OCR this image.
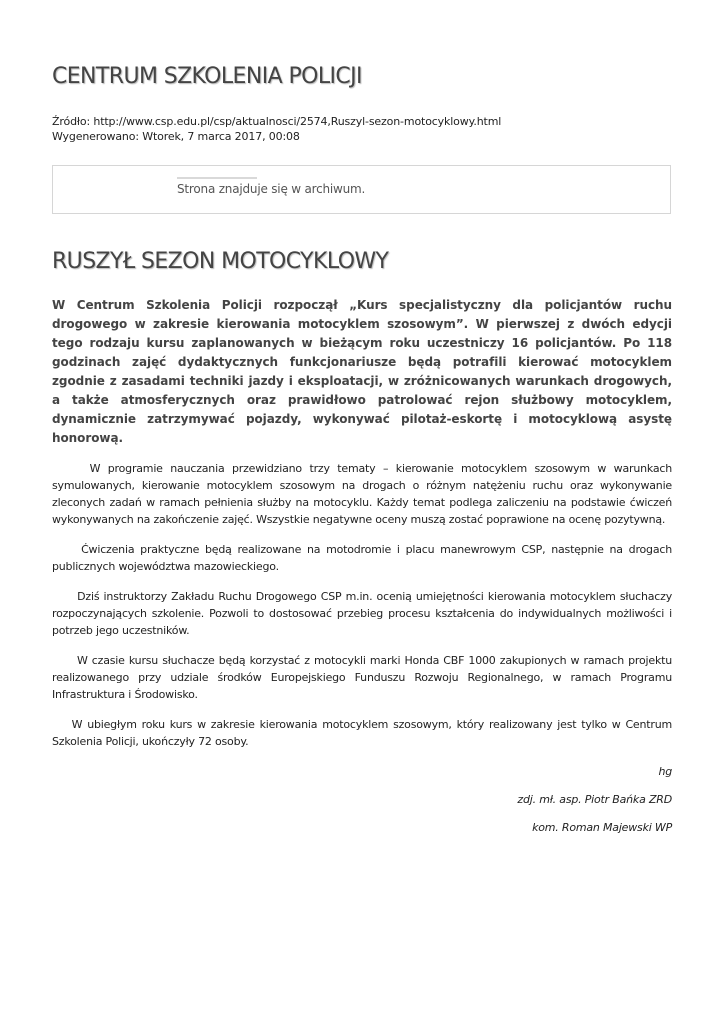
CENTRUM SZKOLENIA POLICJI
Źródło: http://www.csp.edu.pl/csp/aktualnosci/2574,Ruszyl-sezon-motocyklowy.html
Wygenerowano: Wtorek, 7 marca 2017, 00:08
Strona znajduje się w archiwum.
RUSZYŁ SEZON MOTOCYKLOWY

W Centrum Szkolenia Policji rozpoczął „Kurs specjalistyczny dla policjantów ruchu drogowego w zakresie kierowania motocyklem szosowym”. W pierwszej z dwóch edycji tego rodzaju kursu zaplanowanych w bieżącym roku uczestniczy 16 policjantów. Po 118 godzinach zajęć dydaktycznych funkcjonariusze będą potrafili kierować motocyklem zgodnie z zasadami techniki jazdy i eksploatacji, w zróżnicowanych warunkach drogowych, a także atmosferycznych oraz prawidłowo patrolować rejon służbowy motocyklem, dynamicznie zatrzymywać pojazdy, wykonywać pilotaż-eskortę i motocyklową asystę honorową.

W programie nauczania przewidziano trzy tematy – kierowanie motocyklem szosowym w warunkach symulowanych, kierowanie motocyklem szosowym na drogach o różnym natężeniu ruchu oraz wykonywanie zleconych zadań w ramach pełnienia służby na motocyklu. Każdy temat podlega zaliczeniu na podstawie ćwiczeń wykonywanych na zakończenie zajęć. Wszystkie negatywne oceny muszą zostać poprawione na ocenę pozytywną.

Ćwiczenia praktyczne będą realizowane na motodromie i placu manewrowym CSP, następnie na drogach publicznych województwa mazowieckiego.

Dziś instruktorzy Zakładu Ruchu Drogowego CSP m.in. ocenią umiejętności kierowania motocyklem słuchaczy rozpoczynających szkolenie. Pozwoli to dostosować przebieg procesu kształcenia do indywidualnych możliwości i potrzeb jego uczestników.

W czasie kursu słuchacze będą korzystać z motocykli marki Honda CBF 1000 zakupionych w ramach projektu realizowanego przy udziale środków Europejskiego Funduszu Rozwoju Regionalnego, w ramach Programu Infrastruktura i Środowisko.

W ubiegłym roku kurs w zakresie kierowania motocyklem szosowym, który realizowany jest tylko w Centrum Szkolenia Policji, ukończyły 72 osoby.

hg

zdj. mł. asp. Piotr Bańka ZRD

kom. Roman Majewski WP
